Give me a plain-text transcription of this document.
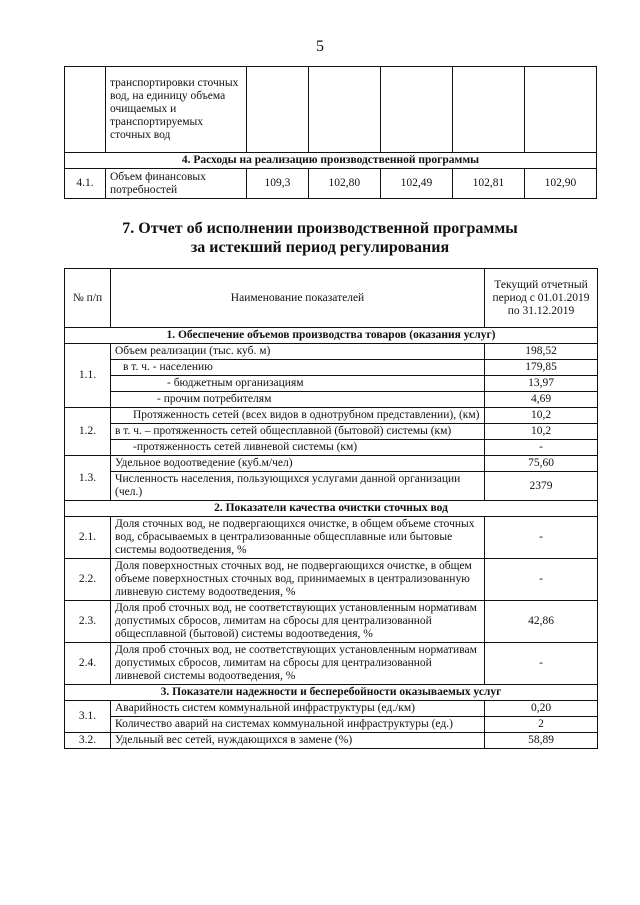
5
	транспортировки сточных вод, на единицу объема очищаемых и транспортируемых сточных вод					
4. Расходы на реализацию производственной программы						
4.1.	Объем финансовых потребностей	109,3	102,80	102,49	102,81	102,90
7. Отчет об исполнении производственной программы
за истекший период регулирования
№ п/п	Наименование показателей	Текущий отчетный период с 01.01.2019 по 31.12.2019
1. Обеспечение объемов производства товаров (оказания услуг)		
1.1.	Объем реализации (тыс. куб. м)	198,52
	в т. ч. - населению	179,85
	- бюджетным организациям	13,97
	- прочим потребителям	4,69
1.2.	Протяженность сетей (всех видов в однотрубном представлении), (км)	10,2
	в т. ч. – протяженность сетей общесплавной (бытовой) системы (км)	10,2
	-протяженность сетей ливневой системы (км)	-
1.3.	Удельное водоотведение (куб.м/чел)	75,60
	Численность населения, пользующихся услугами данной организации (чел.)	2379
2. Показатели качества очистки сточных вод		
2.1.	Доля сточных вод, не подвергающихся очистке, в общем объеме сточных вод, сбрасываемых в централизованные общесплавные или бытовые системы водоотведения, %	-
2.2.	Доля поверхностных сточных вод, не подвергающихся очистке, в общем объеме поверхностных сточных вод, принимаемых в централизованную ливневую систему водоотведения, %	-
2.3.	Доля проб сточных вод, не соответствующих установленным нормативам допустимых сбросов, лимитам на сбросы для централизованной общесплавной (бытовой) системы водоотведения, %	42,86
2.4.	Доля проб сточных вод, не соответствующих установленным нормативам допустимых сбросов, лимитам на сбросы для централизованной ливневой системы водоотведения, %	-
3. Показатели надежности и бесперебойности оказываемых услуг		
3.1.	Аварийность систем коммунальной инфраструктуры (ед./км)	0,20
	Количество аварий на системах коммунальной инфраструктуры (ед.)	2
3.2.	Удельный вес сетей, нуждающихся в замене (%)	58,89
